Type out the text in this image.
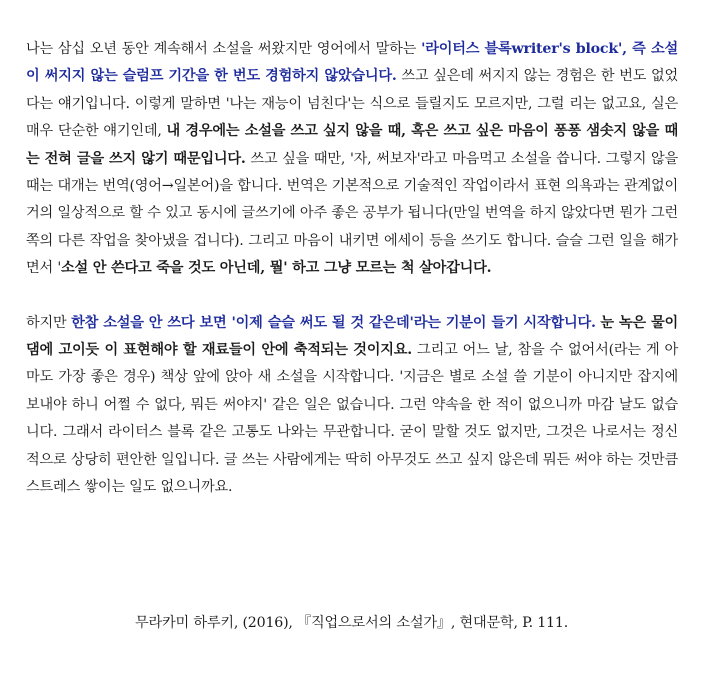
나는 삼십 오년 동안 계속해서 소설을 써왔지만 영어에서 말하는 '라이터스 블록writer's block', 즉 소설이 써지지 않는 슬럼프 기간을 한 번도 경험하지 않았습니다. 쓰고 싶은데 써지지 않는 경험은 한 번도 없었다는 얘기입니다. 이렇게 말하면 '나는 재능이 넘친다'는 식으로 들릴지도 모르지만, 그럴 리는 없고요, 실은 매우 단순한 얘기인데, 내 경우에는 소설을 쓰고 싶지 않을 때, 혹은 쓰고 싶은 마음이 퐁퐁 샘솟지 않을 때는 전혀 글을 쓰지 않기 때문입니다. 쓰고 싶을 때만, '자, 써보자'라고 마음먹고 소설을 씁니다. 그렇지 않을 때는 대개는 번역(영어→일본어)을 합니다. 번역은 기본적으로 기술적인 작업이라서 표현 의욕과는 관계없이 거의 일상적으로 할 수 있고 동시에 글쓰기에 아주 좋은 공부가 됩니다(만일 번역을 하지 않았다면 뭔가 그런 쪽의 다른 작업을 찾아냈을 겁니다). 그리고 마음이 내키면 에세이 등을 쓰기도 합니다. 슬슬 그런 일을 해가면서 '소설 안 쓴다고 죽을 것도 아닌데, 뭘' 하고 그냥 모르는 척 살아갑니다.

하지만 한참 소설을 안 쓰다 보면 '이제 슬슬 써도 될 것 같은데'라는 기분이 들기 시작합니다. 눈 녹은 물이 댐에 고이듯 이 표현해야 할 재료들이 안에 축적되는 것이지요. 그리고 어느 날, 참을 수 없어서(라는 게 아마도 가장 좋은 경우) 책상 앞에 앉아 새 소설을 시작합니다. '지금은 별로 소설 쓸 기분이 아니지만 잡지에 보내야 하니 어쩔 수 없다, 뭐든 써야지' 같은 일은 없습니다. 그런 약속을 한 적이 없으니까 마감 날도 없습니다. 그래서 라이터스 블록 같은 고통도 나와는 무관합니다. 굳이 말할 것도 없지만, 그것은 나로서는 정신적으로 상당히 편안한 일입니다. 글 쓰는 사람에게는 딱히 아무것도 쓰고 싶지 않은데 뭐든 써야 하는 것만큼 스트레스 쌓이는 일도 없으니까요.

무라카미 하루키, (2016), 『직업으로서의 소설가』, 현대문학, P. 111.
